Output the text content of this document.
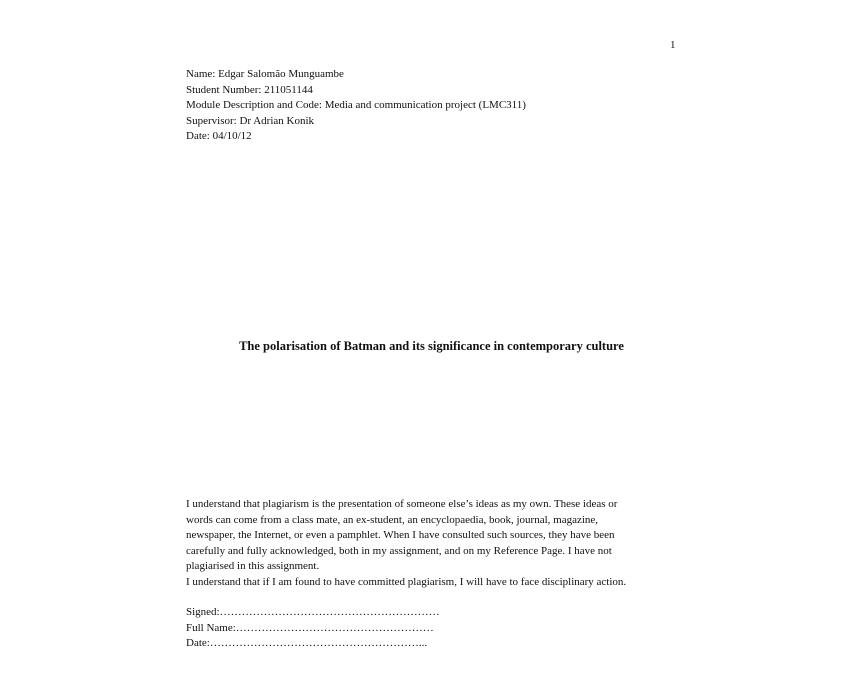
1
Name: Edgar Salomão Munguambe
Student Number: 211051144
Module Description and Code: Media and communication project (LMC311)
Supervisor: Dr Adrian Konik
Date: 04/10/12
The polarisation of Batman and its significance in contemporary culture
I understand that plagiarism is the presentation of someone else’s ideas as my own. These ideas or
words can come from a class mate, an ex-student, an encyclopaedia, book, journal, magazine,
newspaper, the Internet, or even a pamphlet. When I have consulted such sources, they have been
carefully and fully acknowledged, both in my assignment, and on my Reference Page. I have not
plagiarised in this assignment.
I understand that if I am found to have committed plagiarism, I will have to face disciplinary action.
Signed:……………………………………………………
Full Name:………………………………………………
Date:…………………………………………………...
